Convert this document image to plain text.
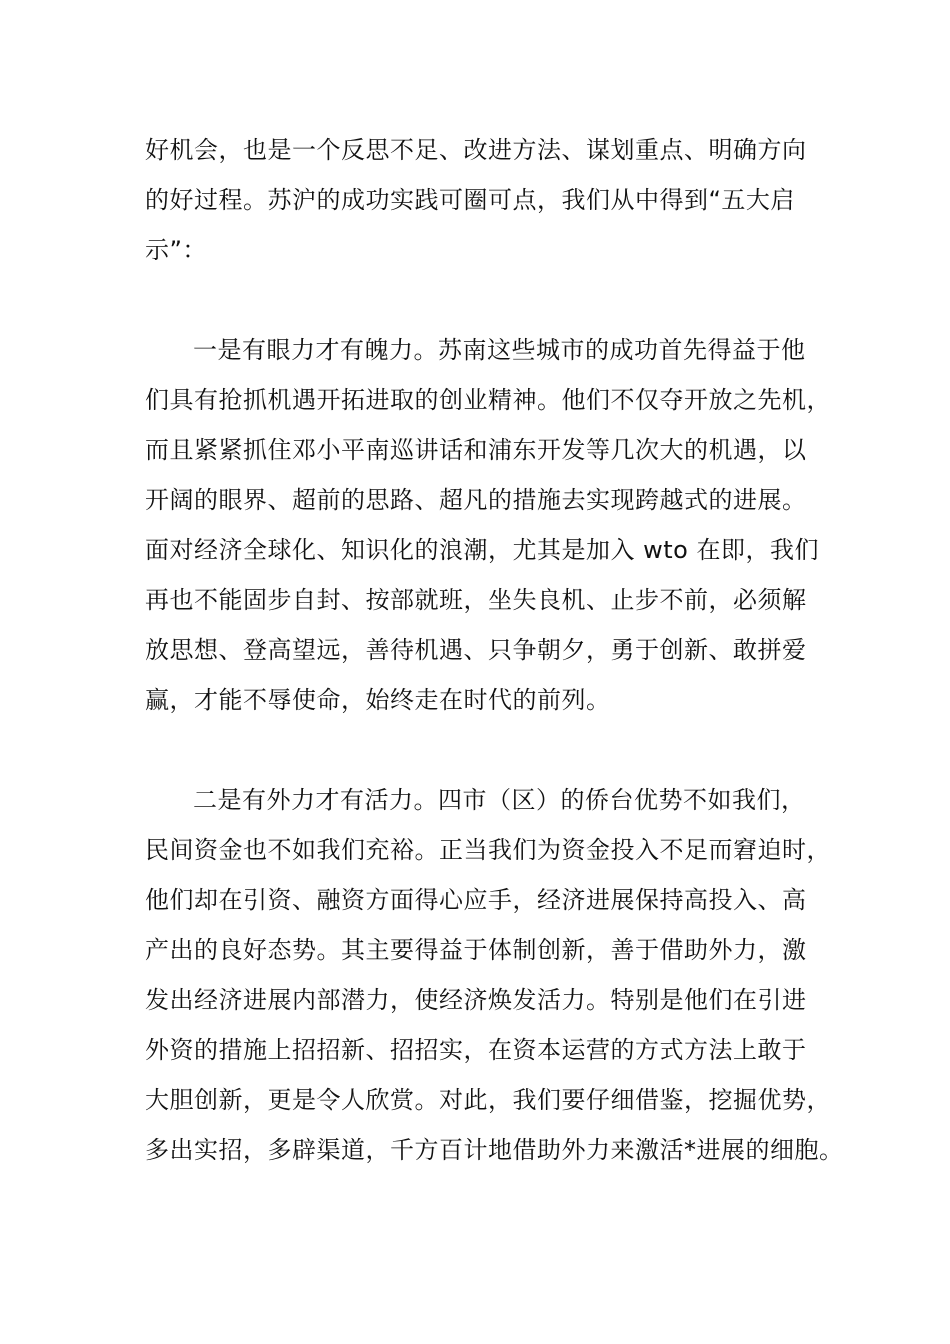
好机会，也是一个反思不足、改进方法、谋划重点、明确方向
的好过程。苏沪的成功实践可圈可点，我们从中得到“五大启
示”：
一是有眼力才有魄力。苏南这些城市的成功首先得益于他
们具有抢抓机遇开拓进取的创业精神。他们不仅夺开放之先机，
而且紧紧抓住邓小平南巡讲话和浦东开发等几次大的机遇，以
开阔的眼界、超前的思路、超凡的措施去实现跨越式的进展。
面对经济全球化、知识化的浪潮，尤其是加入 wto 在即，我们
再也不能固步自封、按部就班，坐失良机、止步不前，必须解
放思想、登高望远，善待机遇、只争朝夕，勇于创新、敢拼爱
赢，才能不辱使命，始终走在时代的前列。
二是有外力才有活力。四市（区）的侨台优势不如我们，
民间资金也不如我们充裕。正当我们为资金投入不足而窘迫时，
他们却在引资、融资方面得心应手，经济进展保持高投入、高
产出的良好态势。其主要得益于体制创新，善于借助外力，激
发出经济进展内部潜力，使经济焕发活力。特别是他们在引进
外资的措施上招招新、招招实，在资本运营的方式方法上敢于
大胆创新，更是令人欣赏。对此，我们要仔细借鉴，挖掘优势，
多出实招，多辟渠道，千方百计地借助外力来激活*进展的细胞。
